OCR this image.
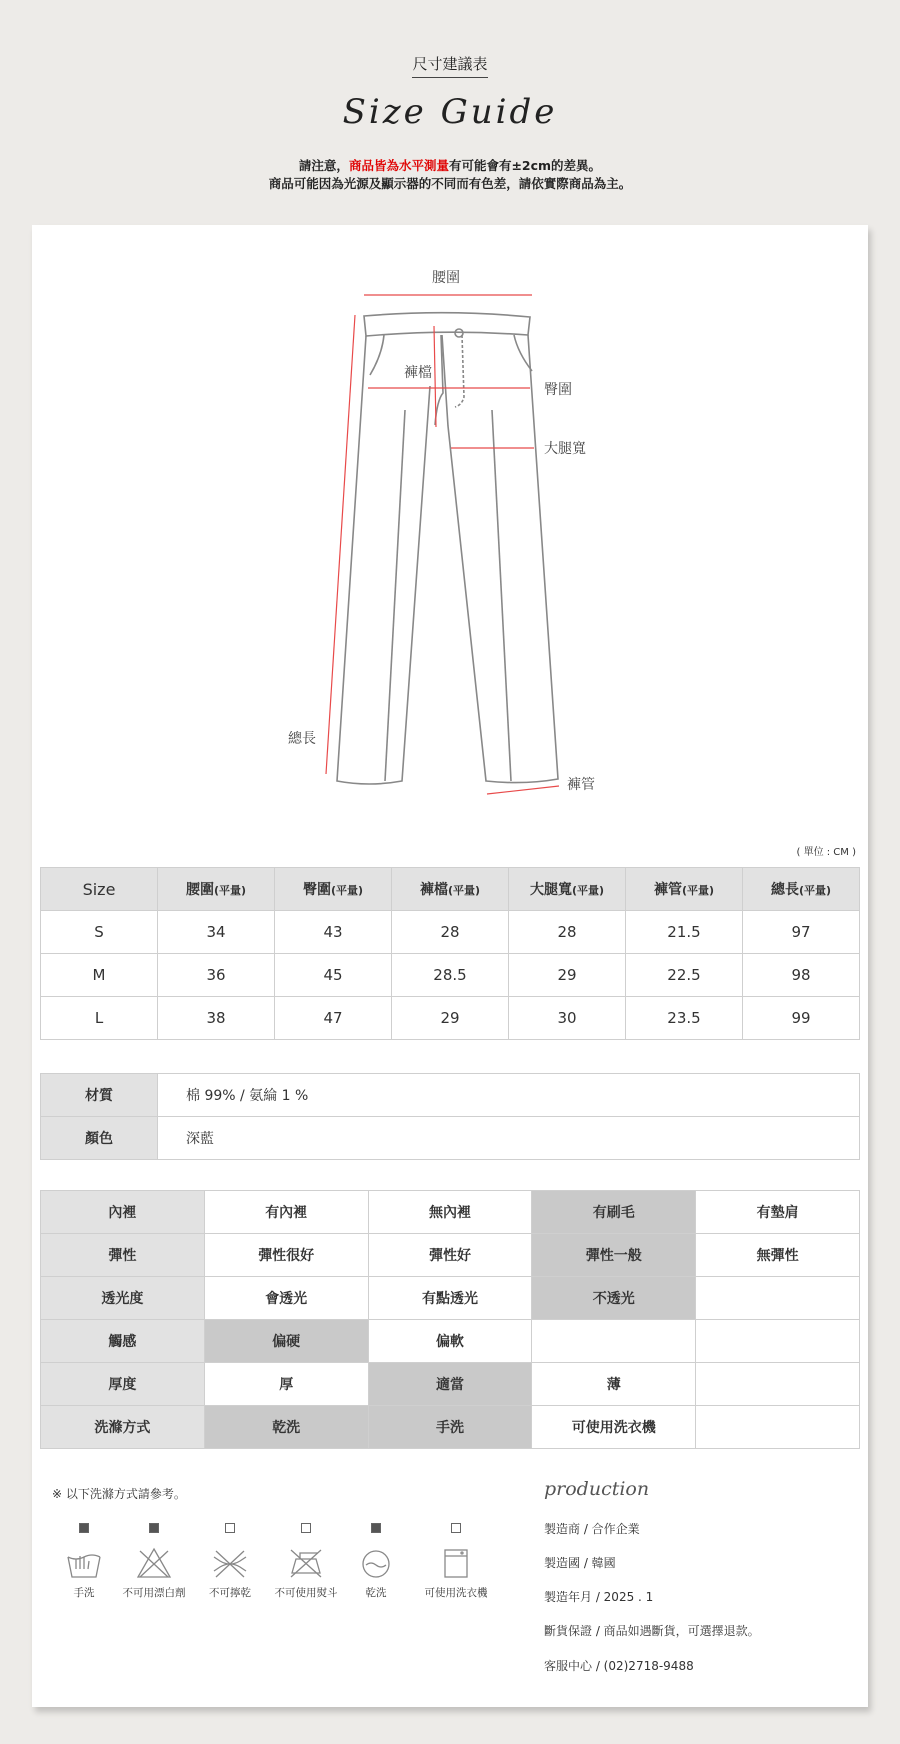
尺寸建議表
Size Guide
請注意，商品皆為水平測量有可能會有±2cm的差異。
商品可能因為光源及顯示器的不同而有色差，請依實際商品為主。
腰圍
褲檔
臀圍
大腿寬
總長
褲管
( 單位 : CM )
Size	腰圍(平量)	臀圍(平量)	褲檔(平量)	大腿寬(平量)	褲管(平量)	總長(平量)
S	34	43	28	28	21.5	97
M	36	45	28.5	29	22.5	98
L	38	47	29	30	23.5	99
材質	棉 99% / 氨綸 1 %
顏色	深藍
內裡	有內裡	無內裡	有刷毛	有墊肩
彈性	彈性很好	彈性好	彈性一般	無彈性
透光度	會透光	有點透光	不透光	
觸感	偏硬	偏軟		
厚度	厚	適當	薄	
洗滌方式	乾洗	手洗	可使用洗衣機	
※ 以下洗滌方式請參考。
手洗	不可用漂白劑	不可擰乾	不可使用熨斗	乾洗	可使用洗衣機
production
製造商 / 合作企業
製造國 / 韓國
製造年月 / 2025 . 1
斷貨保證 / 商品如遇斷貨，可選擇退款。
客服中心 / (02)2718-9488
